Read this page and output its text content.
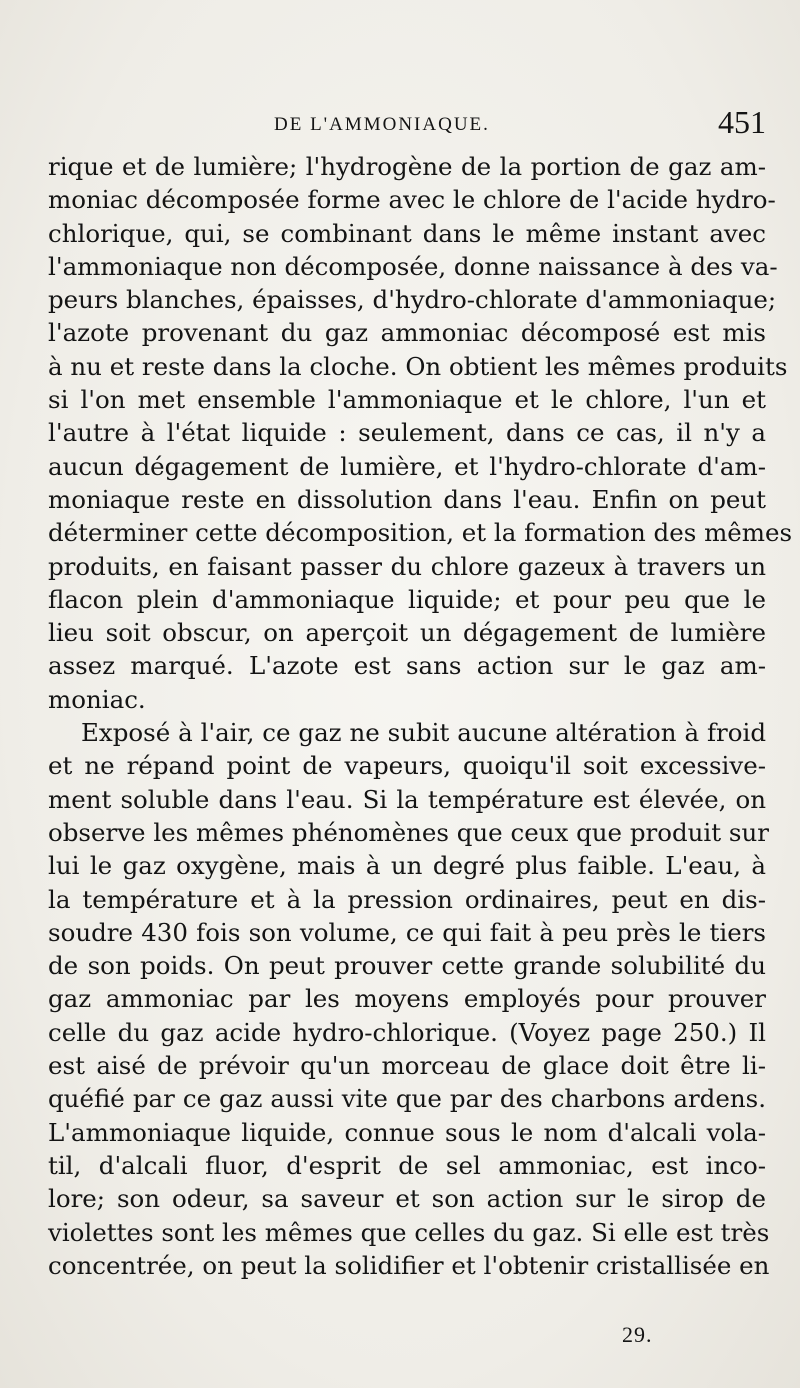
DE L'AMMONIAQUE.	451
rique et de lumière; l'hydrogène de la portion de gaz am-
moniac décomposée forme avec le chlore de l'acide hydro-
chlorique, qui, se combinant dans le même instant avec
l'ammoniaque non décomposée, donne naissance à des va-
peurs blanches, épaisses, d'hydro-chlorate d'ammoniaque;
l'azote provenant du gaz ammoniac décomposé est mis
à nu et reste dans la cloche. On obtient les mêmes produits
si l'on met ensemble l'ammoniaque et le chlore, l'un et
l'autre à l'état liquide : seulement, dans ce cas, il n'y a
aucun dégagement de lumière, et l'hydro-chlorate d'am-
moniaque reste en dissolution dans l'eau. Enfin on peut
déterminer cette décomposition, et la formation des mêmes
produits, en faisant passer du chlore gazeux à travers un
flacon plein d'ammoniaque liquide; et pour peu que le
lieu soit obscur, on aperçoit un dégagement de lumière
assez marqué. L'azote est sans action sur le gaz am-
moniac.
Exposé à l'air, ce gaz ne subit aucune altération à froid
et ne répand point de vapeurs, quoiqu'il soit excessive-
ment soluble dans l'eau. Si la température est élevée, on
observe les mêmes phénomènes que ceux que produit sur
lui le gaz oxygène, mais à un degré plus faible. L'eau, à
la température et à la pression ordinaires, peut en dis-
soudre 430 fois son volume, ce qui fait à peu près le tiers
de son poids. On peut prouver cette grande solubilité du
gaz ammoniac par les moyens employés pour prouver
celle du gaz acide hydro-chlorique. (Voyez page 250.) Il
est aisé de prévoir qu'un morceau de glace doit être li-
quéfié par ce gaz aussi vite que par des charbons ardens.
L'ammoniaque liquide, connue sous le nom d'alcali vola-
til, d'alcali fluor, d'esprit de sel ammoniac, est inco-
lore; son odeur, sa saveur et son action sur le sirop de
violettes sont les mêmes que celles du gaz. Si elle est très
concentrée, on peut la solidifier et l'obtenir cristallisée en
29.
